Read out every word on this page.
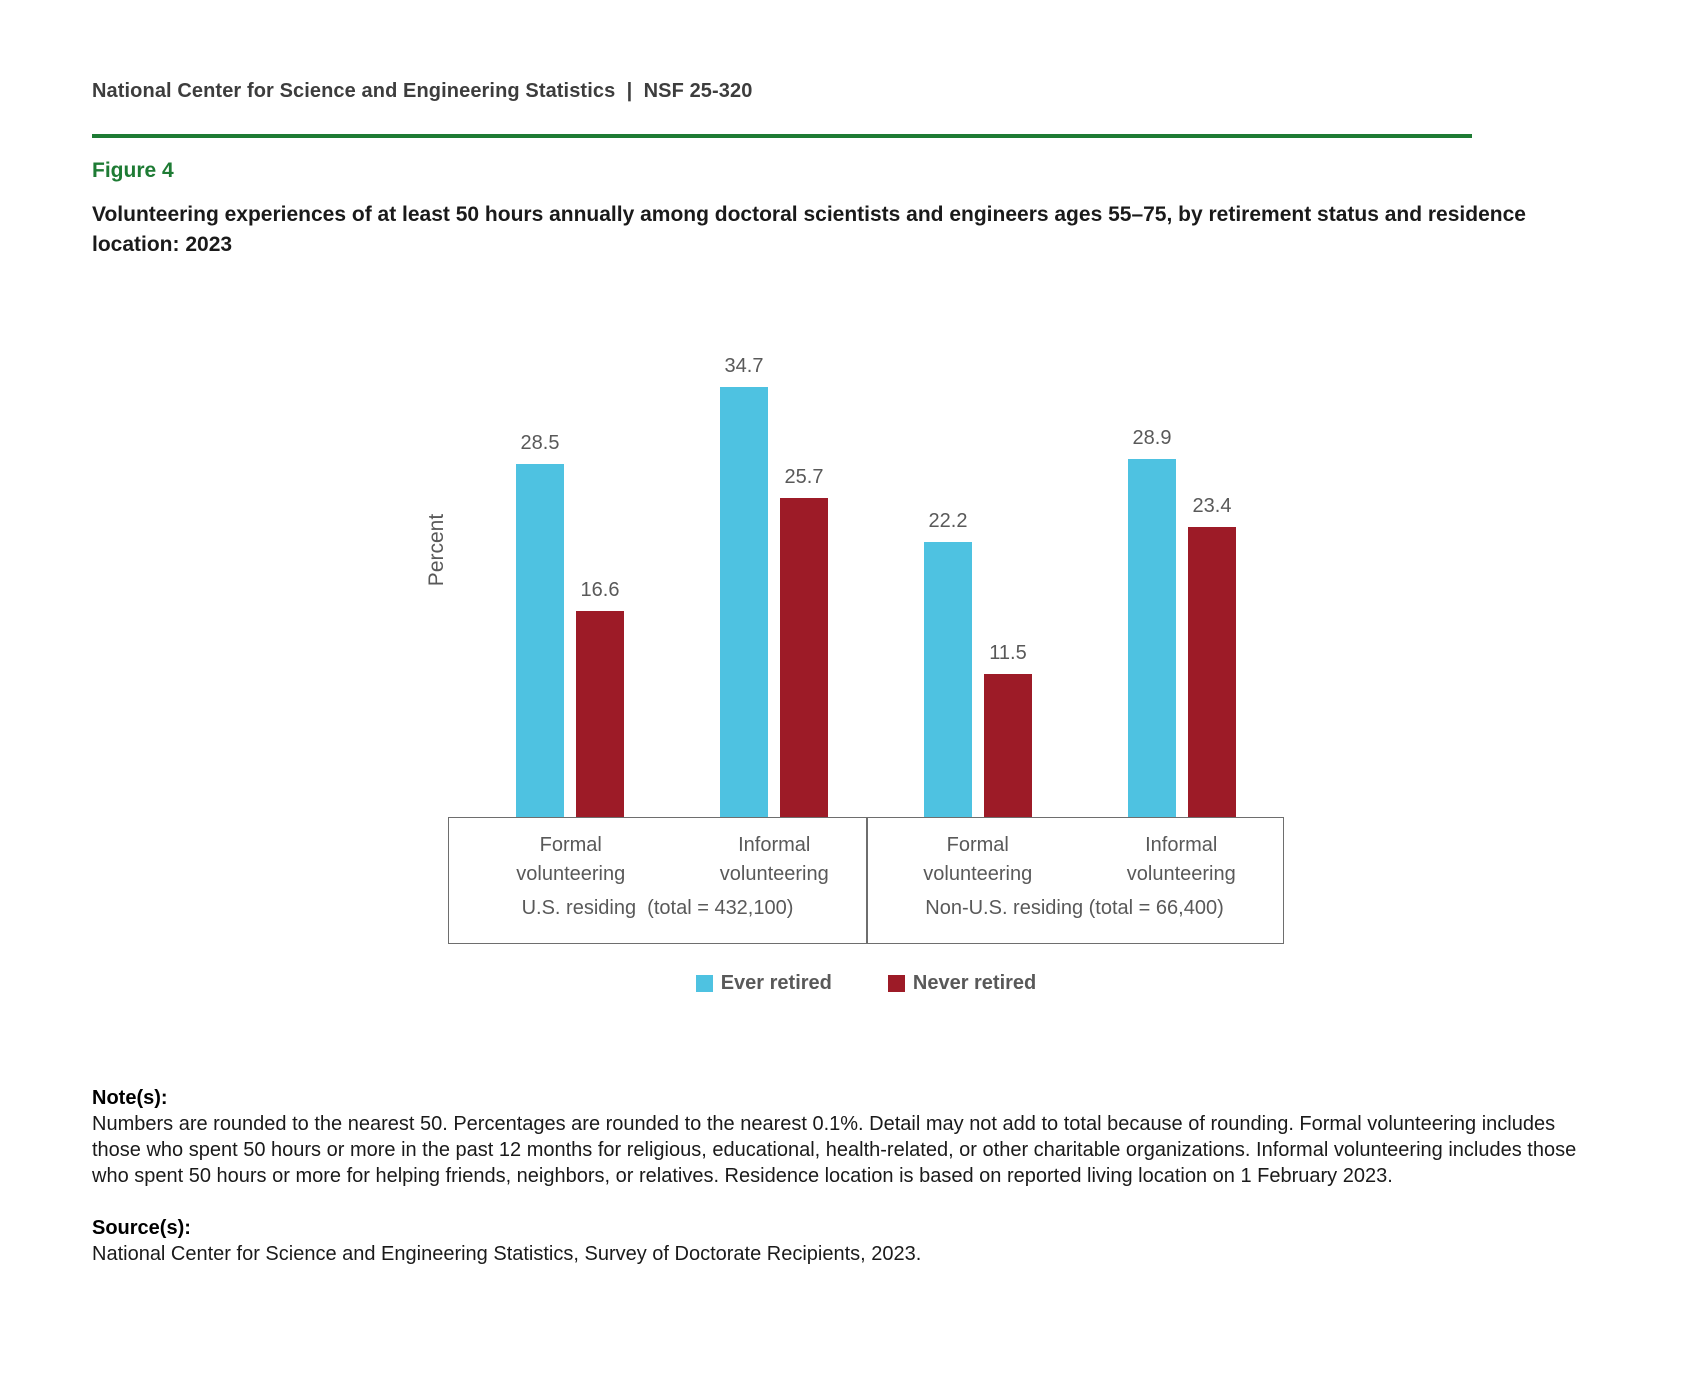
National Center for Science and Engineering Statistics  |  NSF 25-320
Figure 4
Volunteering experiences of at least 50 hours annually among doctoral scientists and engineers ages 55–75, by retirement status and residence location: 2023
Percent
28.5
16.6
34.7
25.7
22.2
11.5
28.9
23.4
Formal volunteering
Informal volunteering
Formal volunteering
Informal volunteering
U.S. residing  (total = 432,100)	Non-U.S. residing (total = 66,400)
Ever retired	Never retired
Note(s):
Numbers are rounded to the nearest 50. Percentages are rounded to the nearest 0.1%. Detail may not add to total because of rounding. Formal volunteering includes those who spent 50 hours or more in the past 12 months for religious, educational, health-related, or other charitable organizations. Informal volunteering includes those who spent 50 hours or more for helping friends, neighbors, or relatives. Residence location is based on reported living location on 1 February 2023.
Source(s):
National Center for Science and Engineering Statistics, Survey of Doctorate Recipients, 2023.
